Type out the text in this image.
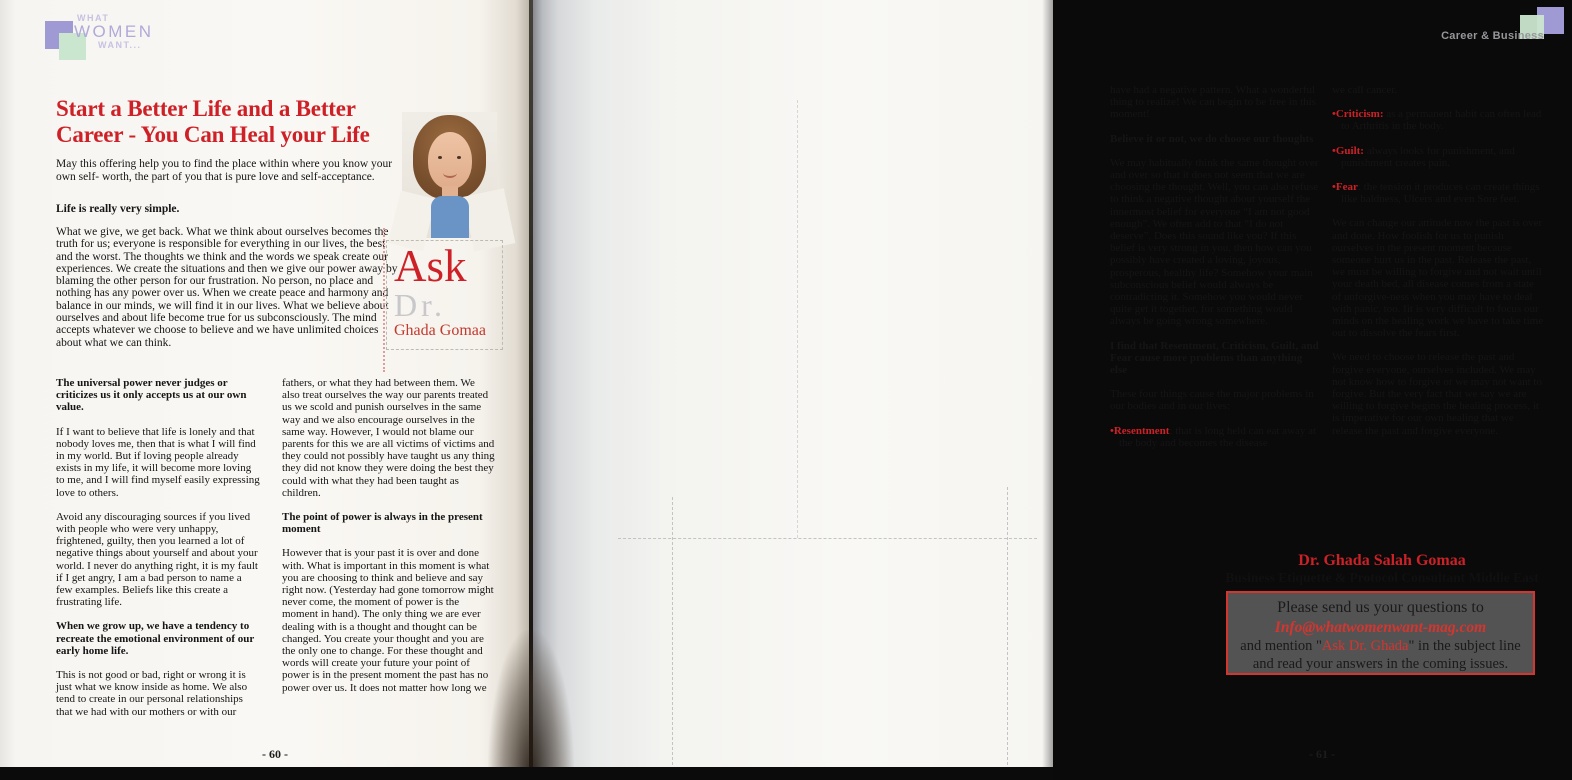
WHAT
WOMEN
WANT...
Start a Better Life and a Better Career - You Can Heal your Life
May this offering help you to find the place within where you know your own self- worth, the part of you that is pure love and self-acceptance.
Life is really very simple.
What we give, we get back. What we think about ourselves becomes the truth for us; everyone is responsible for everything in our lives, the best and the worst. The thoughts we think and the words we speak create our experiences. We create the situations and then we give our power away by blaming the other person for our frustration. No person, no place and nothing has any power over us. When we create peace and harmony and balance in our minds, we will find it in our lives. What we believe about ourselves and about life become true for us subconsciously. The mind accepts whatever we choose to believe and we have unlimited choices about what we can think.
Ask
Dr.
Ghada Gomaa

The universal power never judges or criticizes us it only accepts us at our own value.

If I want to believe that life is lonely and that nobody loves me, then that is what I will find in my world. But if loving people already exists in my life, it will become more loving to me, and I will find myself easily expressing love to others.

Avoid any discouraging sources if you lived with people who were very unhappy, frightened, guilty, then you learned a lot of negative things about yourself and about your world. I never do anything right, it is my fault if I get angry, I am a bad person to name a few examples. Beliefs like this create a frustrating life.

When we grow up, we have a tendency to recreate the emotional environment of our early home life.

This is not good or bad, right or wrong it is just what we know inside as home. We also tend to create in our personal relationships that we had with our mothers or with our

fathers, or what they had between them. We also treat ourselves the way our parents treated us we scold and punish ourselves in the same way and we also encourage ourselves in the same way. However, I would not blame our parents for this we are all victims of victims and they could not possibly have taught us any thing they did not know they were doing the best they could with what they had been taught as children.

The point of power is always in the present moment

However that is your past it is over and done with. What is important in this moment is what you are choosing to think and believe and say right now. (Yesterday had gone tomorrow might never come, the moment of power is the moment in hand). The only thing we are ever dealing with is a thought and thought can be changed. You create your thought and you are the only one to change. For these thought and words will create your future your point of power is in the present moment the past has no power over us. It does not matter how long we

- 60 -
Career & Business

have had a negative pattern. What a wonderful thing to realize! We can begin to be free in this moment!

Believe it or not, we do choose our thoughts

We may habitually think the same thought over and over so that it does not seem that we are choosing the thought. Well, you can also refuse to think a negative thought about yourself the innermost belief for everyone “I am not good enough”. We often add to that “I do not deserve”. Does this sound like you? If this belief is very strong in you, then how can you possibly have created a loving, joyous, prosperous, healthy life? Somehow your main subconscious belief would always be contradicting it. Somehow you would never quite get it together, for something would always be going wrong somewhere.

I find that Resentment, Criticism, Guilt, and Fear cause more problems than anything else

These four things cause the major problems in our bodies and in our lives:

•Resentment: that is long held can eat away at the body and becomes the disease

we call cancer.

•Criticism: as a permanent habit can often lead to Arthritis in the body.

•Guilt: always looks for punishment, and punishment creates pain.

•Fear: the tension it produces can create things like baldness, Ulcers and even Sore feet.

We can change our attitude now the past is over and done. How foolish for us to punish ourselves in the present moment because someone hurt us in the past. Release the past, we must be willing to forgive and not wait until your death bed, all disease comes from a state of unforgive-ness when you may have to deal with panic, too. Iit is very difficult to focus our minds on the healing work we have to take time out to dissolve the fears first.

We need to choose to release the past and forgive everyone, ourselves included. We may not know how to forgive or we may not want to forgive. But the very fact that we say we are willing to forgive begins the healing process, it is imperative for our own healing that we release the past and forgive everyone.

Dr. Ghada Salah Gomaa
Business Etiquette & Protocol Consultant Middle East
Please send us your questions to
Info@whatwomenwant-mag.com
and mention "Ask Dr. Ghada" in the subject line
and read your answers in the coming issues.
- 61 -
